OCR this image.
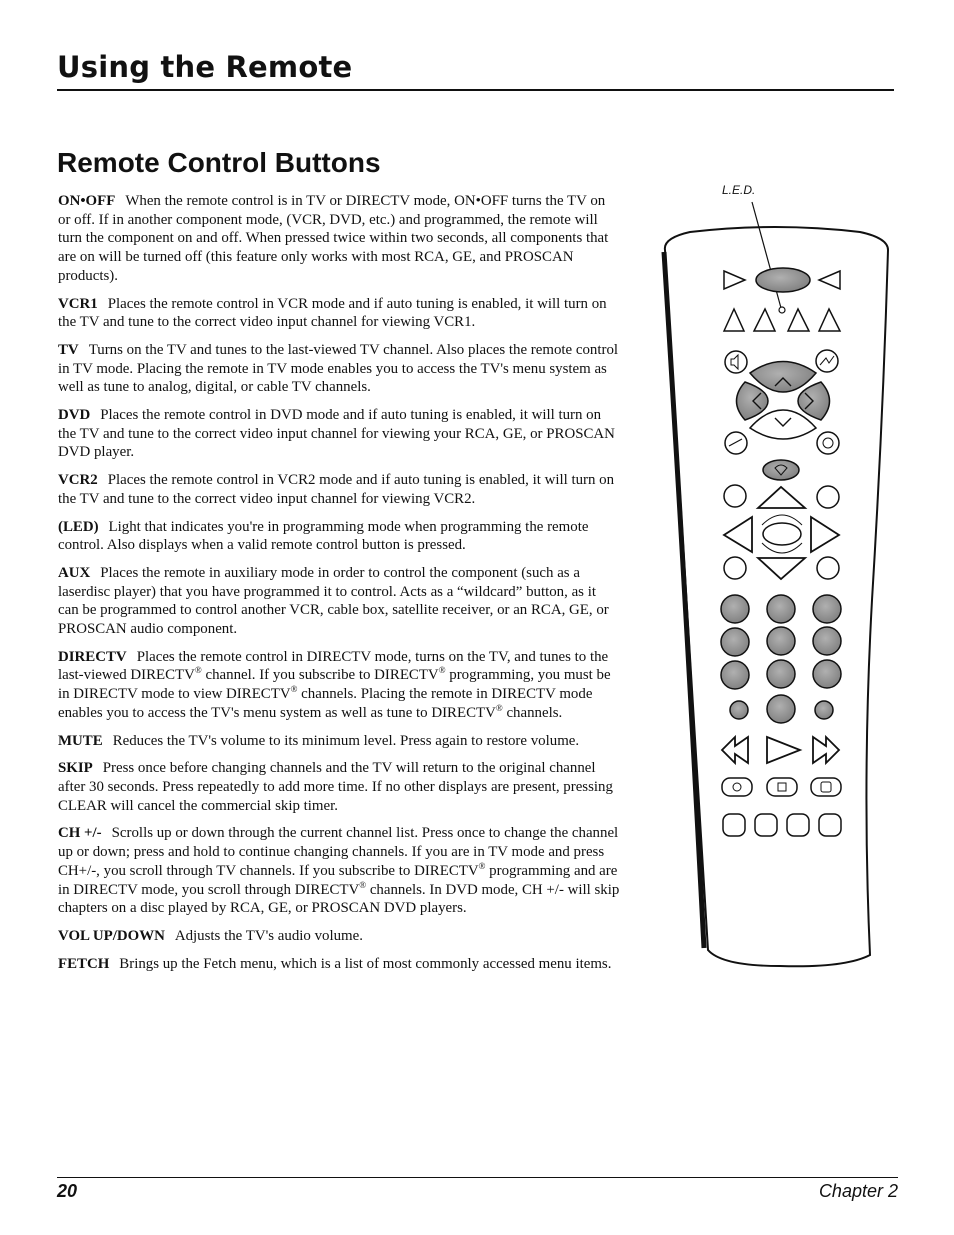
Using the Remote
Remote Control Buttons

ON•OFF When the remote control is in TV or DIRECTV mode, ON•OFF turns the TV on or off. If in another component mode, (VCR, DVD, etc.) and programmed, the remote will turn the component on and off. When pressed twice within two seconds, all components that are on will be turned off (this feature only works with most RCA, GE, and PROSCAN products).

VCR1 Places the remote control in VCR mode and if auto tuning is enabled, it will turn on the TV and tune to the correct video input channel for viewing VCR1.

TV Turns on the TV and tunes to the last-viewed TV channel. Also places the remote control in TV mode. Placing the remote in TV mode enables you to access the TV's menu system as well as tune to analog, digital, or cable TV channels.

DVD Places the remote control in DVD mode and if auto tuning is enabled, it will turn on the TV and tune to the correct video input channel for viewing your RCA, GE, or PROSCAN DVD player.

VCR2 Places the remote control in VCR2 mode and if auto tuning is enabled, it will turn on the TV and tune to the correct video input channel for viewing VCR2.

(LED) Light that indicates you're in programming mode when programming the remote control. Also displays when a valid remote control button is pressed.

AUX Places the remote in auxiliary mode in order to control the component (such as a laserdisc player) that you have programmed it to control. Acts as a “wildcard” button, as it can be programmed to control another VCR, cable box, satellite receiver, or an RCA, GE, or PROSCAN audio component.

DIRECTV Places the remote control in DIRECTV mode, turns on the TV, and tunes to the last-viewed DIRECTV® channel. If you subscribe to DIRECTV® programming, you must be in DIRECTV mode to view DIRECTV® channels. Placing the remote in DIRECTV mode enables you to access the TV's menu system as well as tune to DIRECTV® channels.

MUTE Reduces the TV's volume to its minimum level. Press again to restore volume.

SKIP Press once before changing channels and the TV will return to the original channel after 30 seconds. Press repeatedly to add more time. If no other displays are present, pressing CLEAR will cancel the commercial skip timer.

CH +/- Scrolls up or down through the current channel list. Press once to change the channel up or down; press and hold to continue changing channels. If you are in TV mode and press CH+/-, you scroll through TV channels. If you subscribe to DIRECTV® programming and are in DIRECTV mode, you scroll through DIRECTV® channels. In DVD mode, CH +/- will skip chapters on a disc played by RCA, GE, or PROSCAN DVD players.

VOL UP/DOWN Adjusts the TV's audio volume.

FETCH Brings up the Fetch menu, which is a list of most commonly accessed menu items.

L.E.D.
20	Chapter 2
